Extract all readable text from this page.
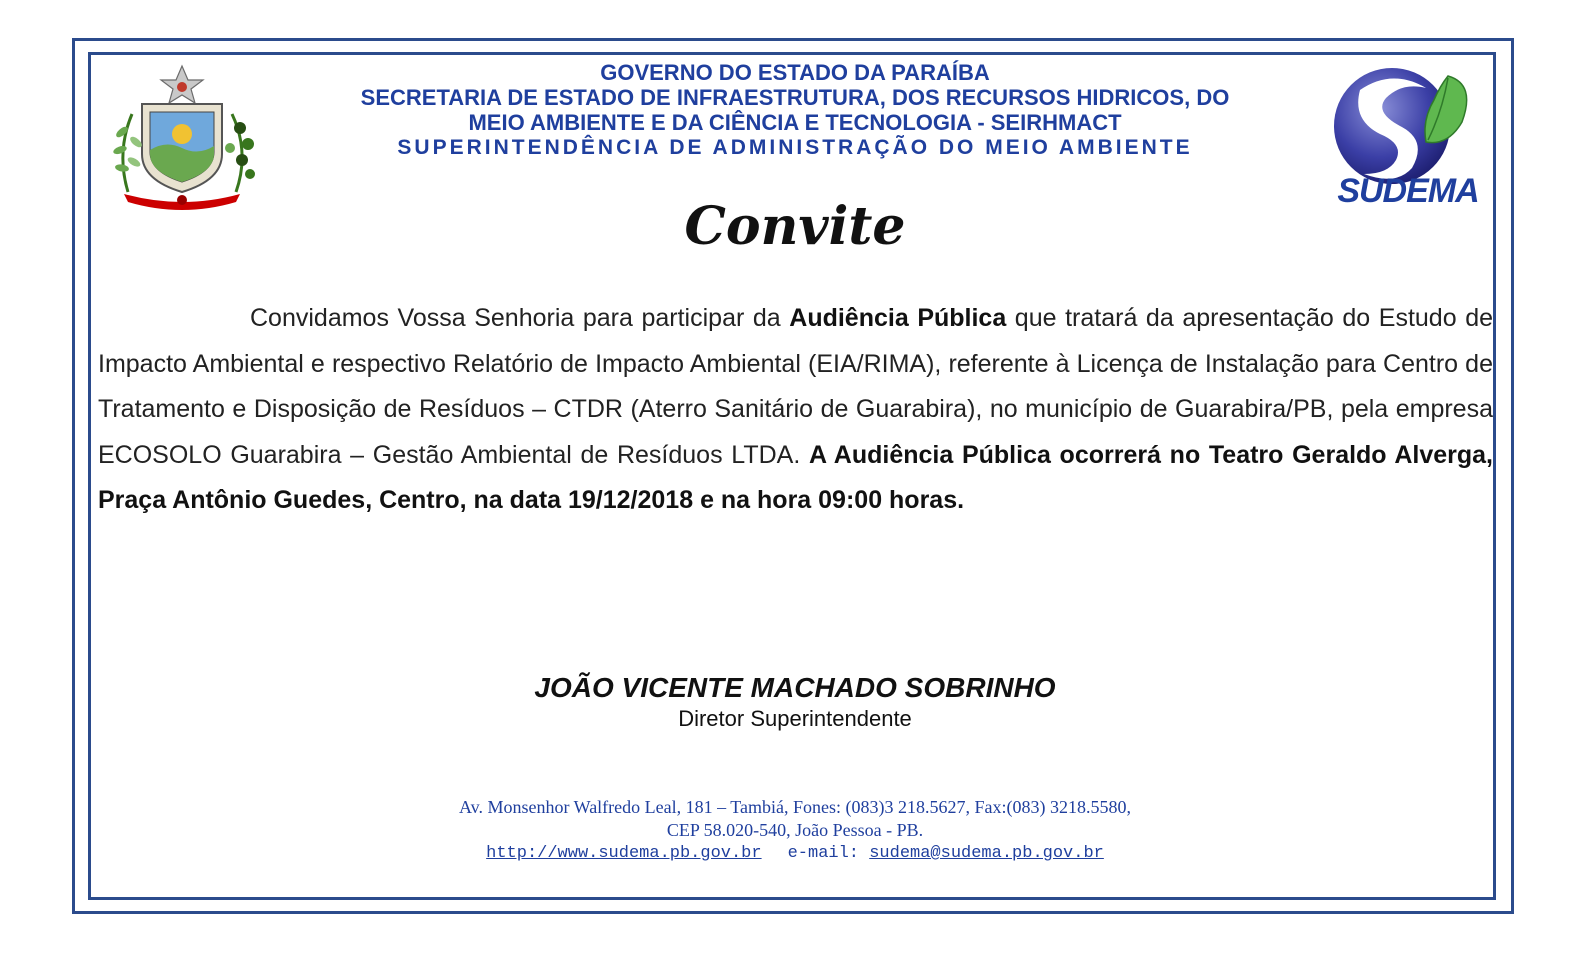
SUDEMA

GOVERNO DO ESTADO DA PARAÍBA

SECRETARIA DE ESTADO DE INFRAESTRUTURA, DOS RECURSOS HIDRICOS, DO

MEIO AMBIENTE E DA CIÊNCIA E TECNOLOGIA - SEIRHMACT

SUPERINTENDÊNCIA DE ADMINISTRAÇÃO DO MEIO AMBIENTE

Convite

Convidamos Vossa Senhoria para participar da Audiência Pública que tratará da apresentação do Estudo de Impacto Ambiental e respectivo Relatório de Impacto Ambiental (EIA/RIMA), referente à Licença de Instalação para Centro de Tratamento e Disposição de Resíduos – CTDR (Aterro Sanitário de Guarabira), no município de Guarabira/PB, pela empresa ECOSOLO Guarabira – Gestão Ambiental de Resíduos LTDA. A Audiência Pública ocorrerá no Teatro Geraldo Alverga, Praça Antônio Guedes, Centro, na data 19/12/2018 e na hora 09:00 horas.

JOÃO VICENTE MACHADO SOBRINHO
Diretor Superintendente

Av. Monsenhor Walfredo Leal, 181 – Tambiá, Fones: (083)3 218.5627, Fax:(083) 3218.5580,

CEP 58.020-540, João Pessoa - PB.

http://www.sudema.pb.gov.br e-mail: sudema@sudema.pb.gov.br
